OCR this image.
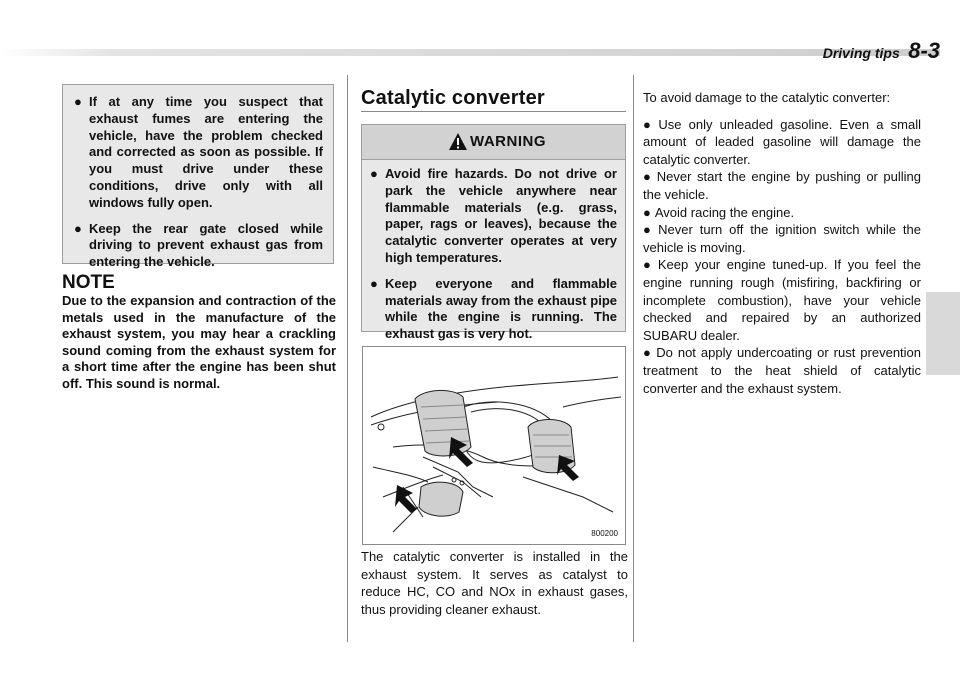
Driving tips 8-3
● If at any time you suspect that exhaust fumes are entering the vehicle, have the problem checked and corrected as soon as possible. If you must drive under these conditions, drive only with all windows fully open.
● Keep the rear gate closed while driving to prevent exhaust gas from entering the vehicle.
NOTE
Due to the expansion and contraction of the metals used in the manufacture of the exhaust system, you may hear a crackling sound coming from the exhaust system for a short time after the engine has been shut off. This sound is normal.
Catalytic converter
WARNING
● Avoid fire hazards. Do not drive or park the vehicle anywhere near flammable materials (e.g. grass, paper, rags or leaves), because the catalytic converter operates at very high temperatures.
● Keep everyone and flammable materials away from the exhaust pipe while the engine is running. The exhaust gas is very hot.
800200
The catalytic converter is installed in the exhaust system. It serves as catalyst to reduce HC, CO and NOx in exhaust gases, thus providing cleaner exhaust.

To avoid damage to the catalytic converter:

● Use only unleaded gasoline. Even a small amount of leaded gasoline will damage the catalytic converter.
● Never start the engine by pushing or pulling the vehicle.
● Avoid racing the engine.
● Never turn off the ignition switch while the vehicle is moving.
● Keep your engine tuned-up. If you feel the engine running rough (misfiring, backfiring or incomplete combustion), have your vehicle checked and repaired by an authorized SUBARU dealer.
● Do not apply undercoating or rust prevention treatment to the heat shield of catalytic converter and the exhaust system.
